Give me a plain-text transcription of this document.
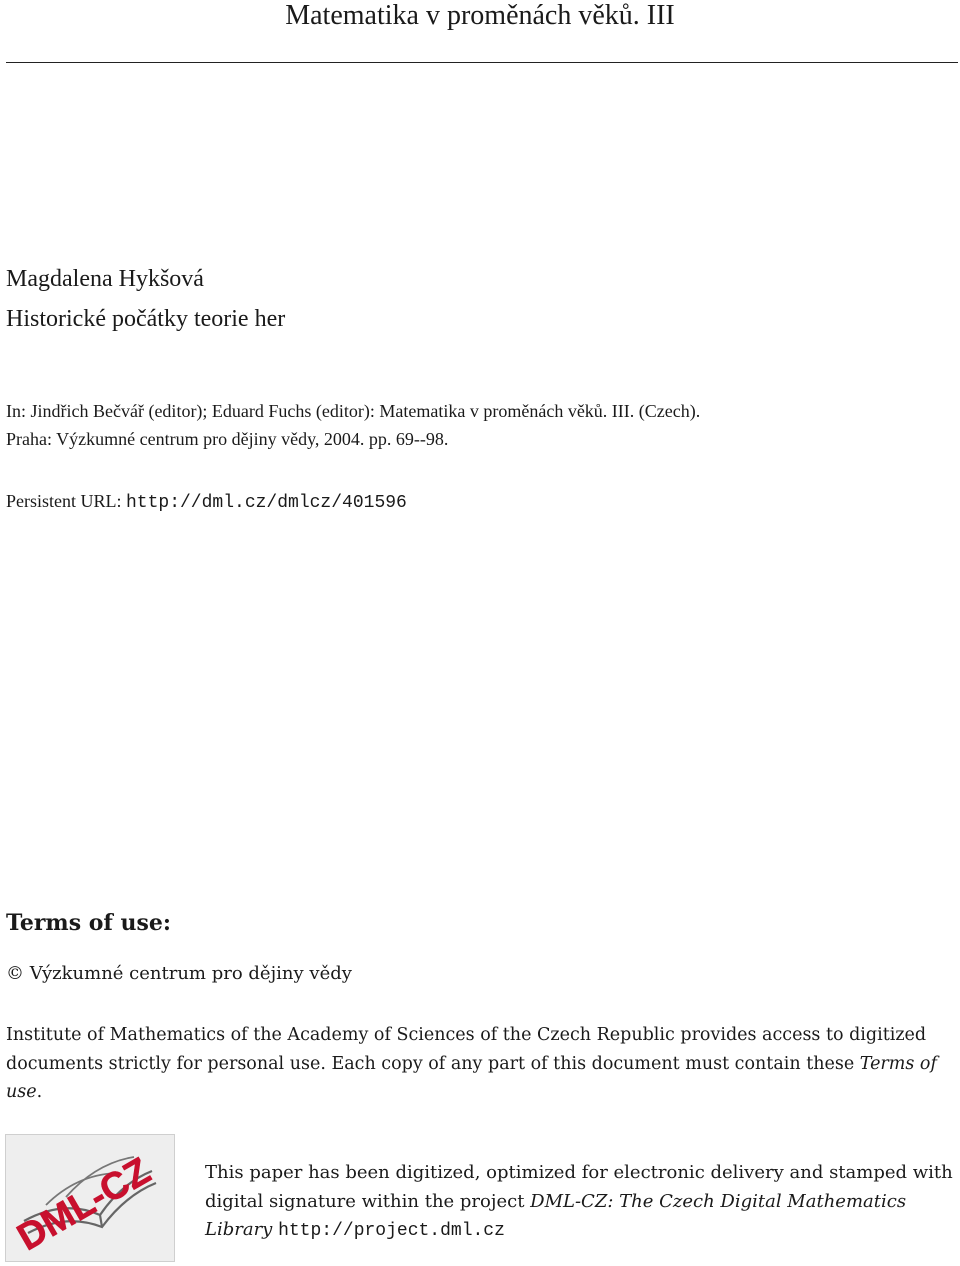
Matematika v proměnách věků. III
Magdalena Hykšová
Historické počátky teorie her
In: Jindřich Bečvář (editor); Eduard Fuchs (editor): Matematika v proměnách věků. III. (Czech).
Praha: Výzkumné centrum pro dějiny vědy, 2004. pp. 69--98.
Persistent URL: http://dml.cz/dmlcz/401596
Terms of use:
© Výzkumné centrum pro dějiny vědy
Institute of Mathematics of the Academy of Sciences of the Czech Republic provides access to digitized documents strictly for personal use. Each copy of any part of this document must contain these Terms of use.
DML-CZ	This paper has been digitized, optimized for electronic delivery and stamped with digital signature within the project DML-CZ: The Czech Digital Mathematics Library http://project.dml.cz
